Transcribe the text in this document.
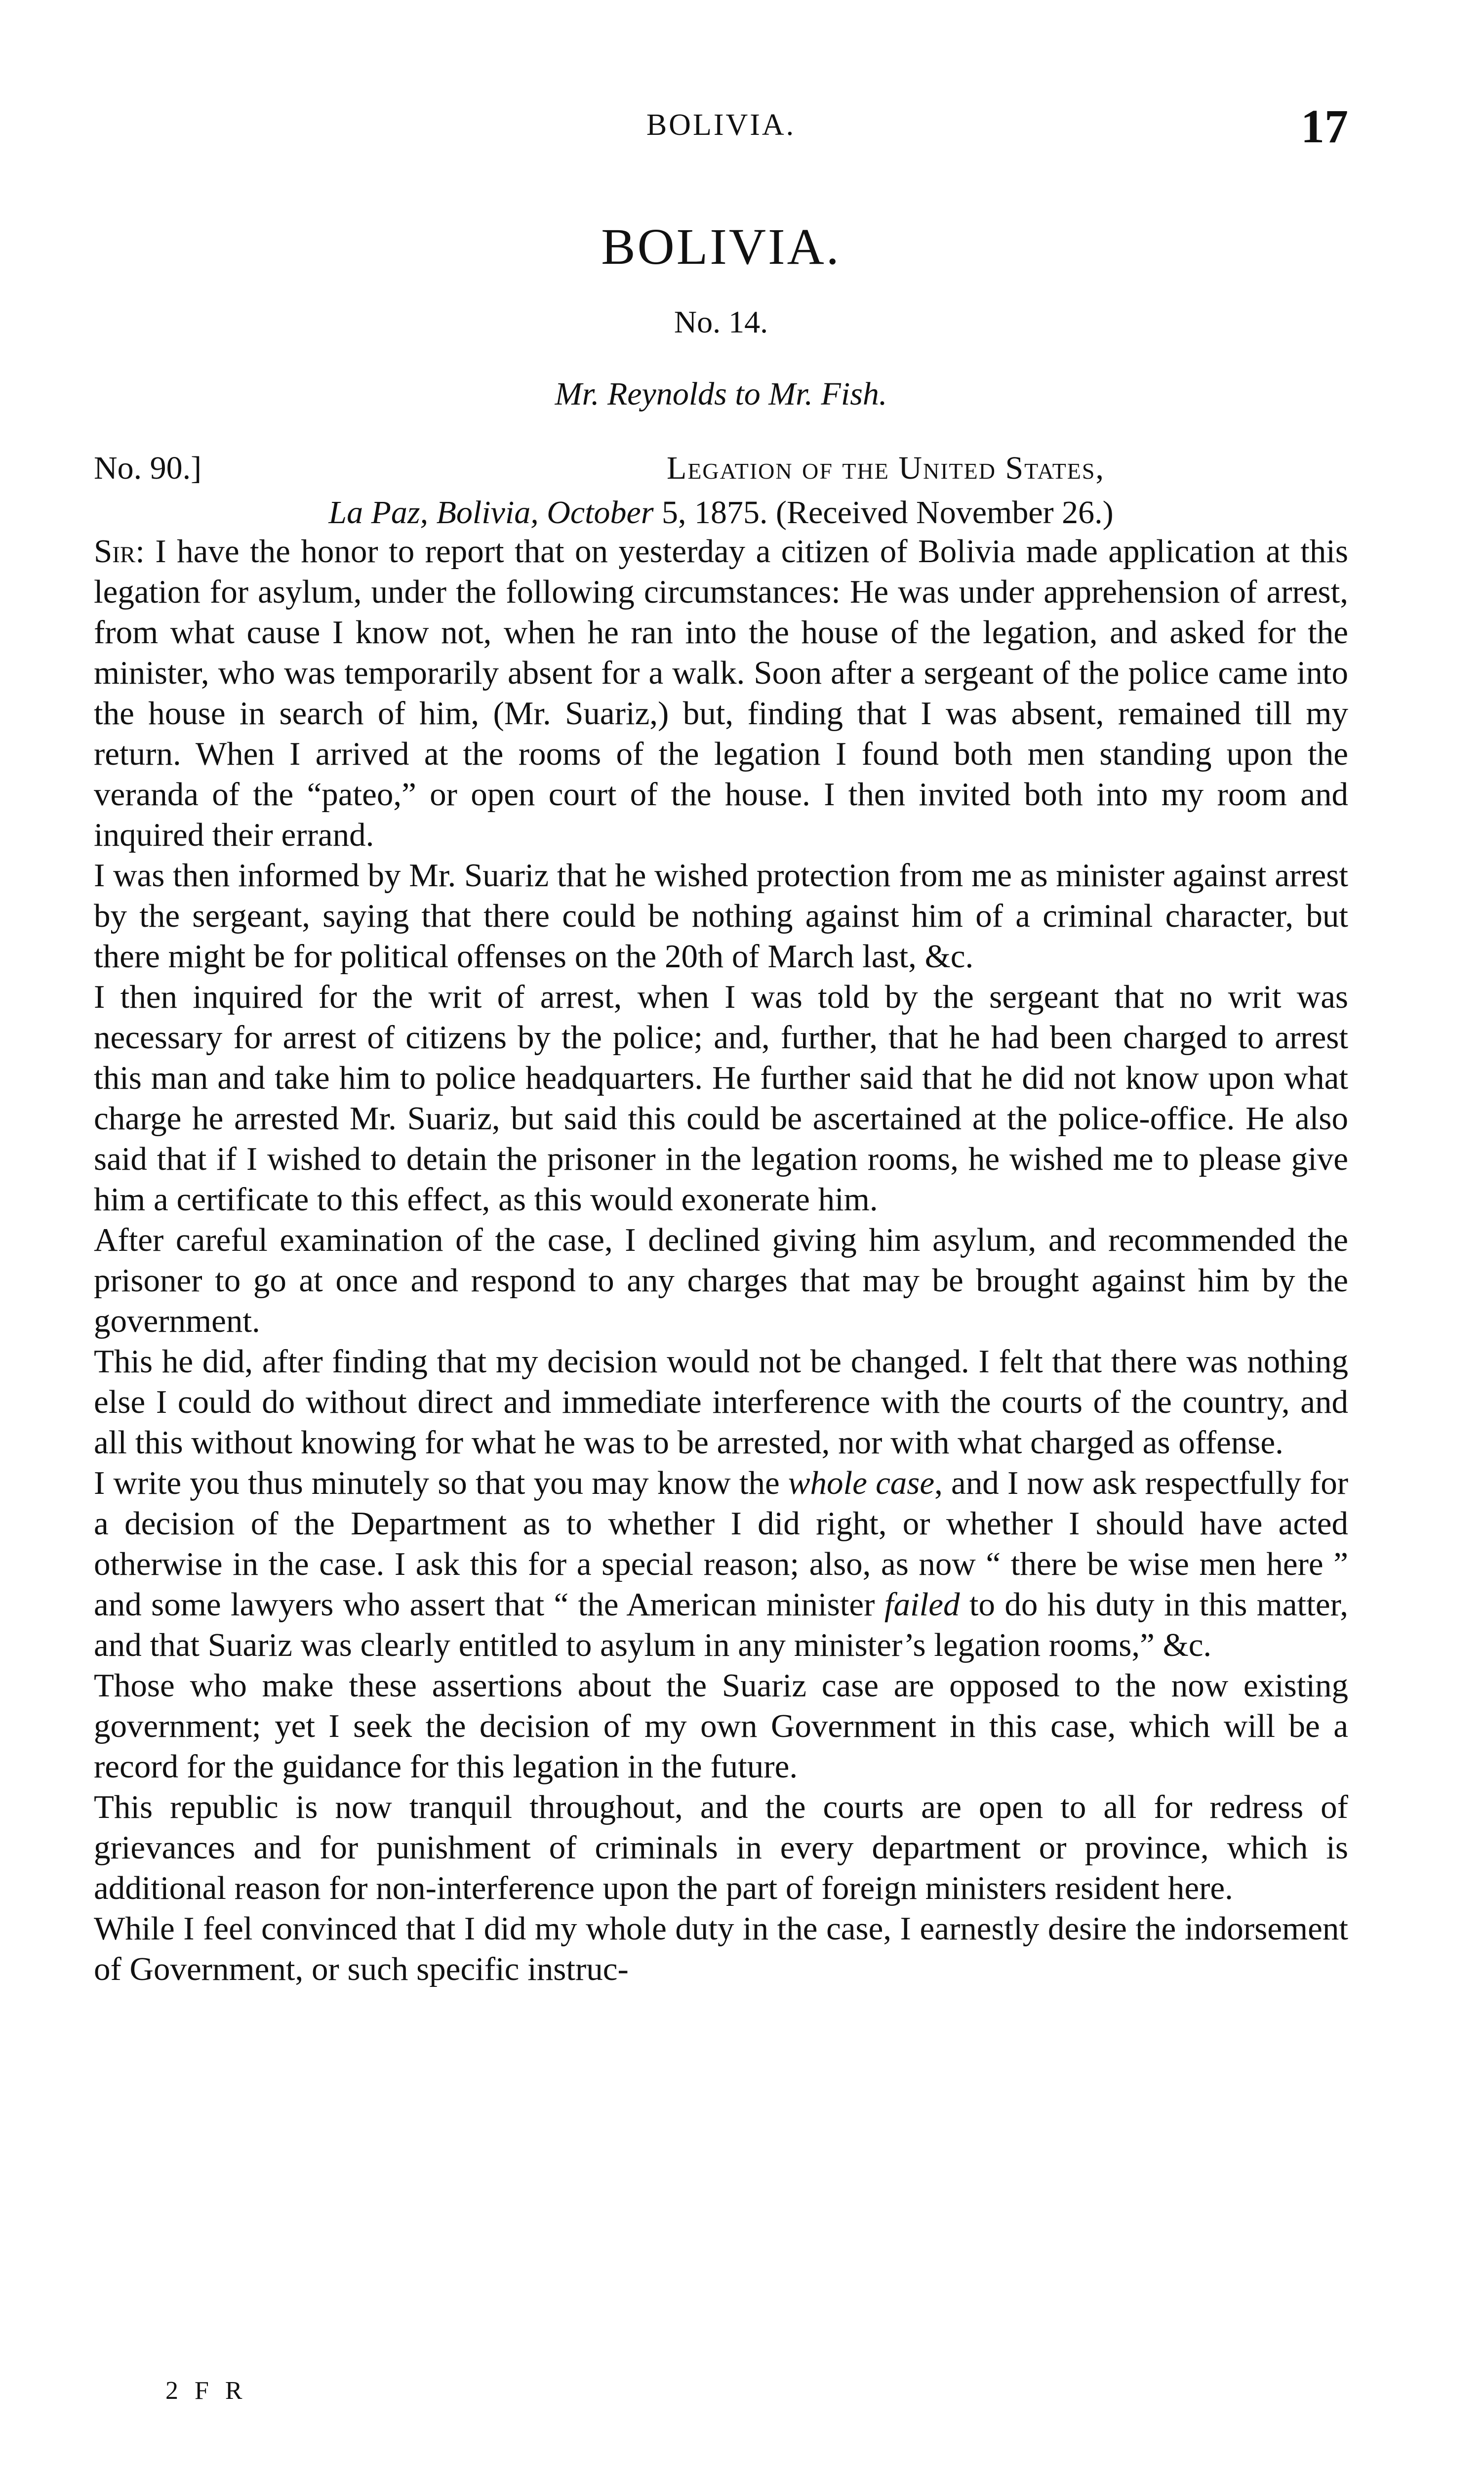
BOLIVIA.	17
BOLIVIA.
No. 14.
Mr. Reynolds to Mr. Fish.
No. 90.]	Legation of the United States,
La Paz, Bolivia, October 5, 1875. (Received November 26.)

Sir: I have the honor to report that on yesterday a citizen of Bolivia made application at this legation for asylum, under the following circumstances: He was under apprehension of arrest, from what cause I know not, when he ran into the house of the legation, and asked for the minister, who was temporarily absent for a walk. Soon after a sergeant of the police came into the house in search of him, (Mr. Suariz,) but, finding that I was absent, remained till my return. When I arrived at the rooms of the legation I found both men standing upon the veranda of the “pateo,” or open court of the house. I then invited both into my room and inquired their errand.

I was then informed by Mr. Suariz that he wished protection from me as minister against arrest by the sergeant, saying that there could be nothing against him of a criminal character, but there might be for political offenses on the 20th of March last, &c.

I then inquired for the writ of arrest, when I was told by the sergeant that no writ was necessary for arrest of citizens by the police; and, further, that he had been charged to arrest this man and take him to police headquarters. He further said that he did not know upon what charge he arrested Mr. Suariz, but said this could be ascertained at the police-office. He also said that if I wished to detain the prisoner in the legation rooms, he wished me to please give him a certificate to this effect, as this would exonerate him.

After careful examination of the case, I declined giving him asylum, and recommended the prisoner to go at once and respond to any charges that may be brought against him by the government.

This he did, after finding that my decision would not be changed. I felt that there was nothing else I could do without direct and immediate interference with the courts of the country, and all this without knowing for what he was to be arrested, nor with what charged as offense.

I write you thus minutely so that you may know the whole case, and I now ask respectfully for a decision of the Department as to whether I did right, or whether I should have acted otherwise in the case. I ask this for a special reason; also, as now “ there be wise men here ” and some lawyers who assert that “ the American minister failed to do his duty in this matter, and that Suariz was clearly entitled to asylum in any minister’s legation rooms,” &c.

Those who make these assertions about the Suariz case are opposed to the now existing government; yet I seek the decision of my own Government in this case, which will be a record for the guidance for this legation in the future.

This republic is now tranquil throughout, and the courts are open to all for redress of grievances and for punishment of criminals in every department or province, which is additional reason for non-interference upon the part of foreign ministers resident here.

While I feel convinced that I did my whole duty in the case, I earnestly desire the indorsement of Government, or such specific instruc-

2 F R
